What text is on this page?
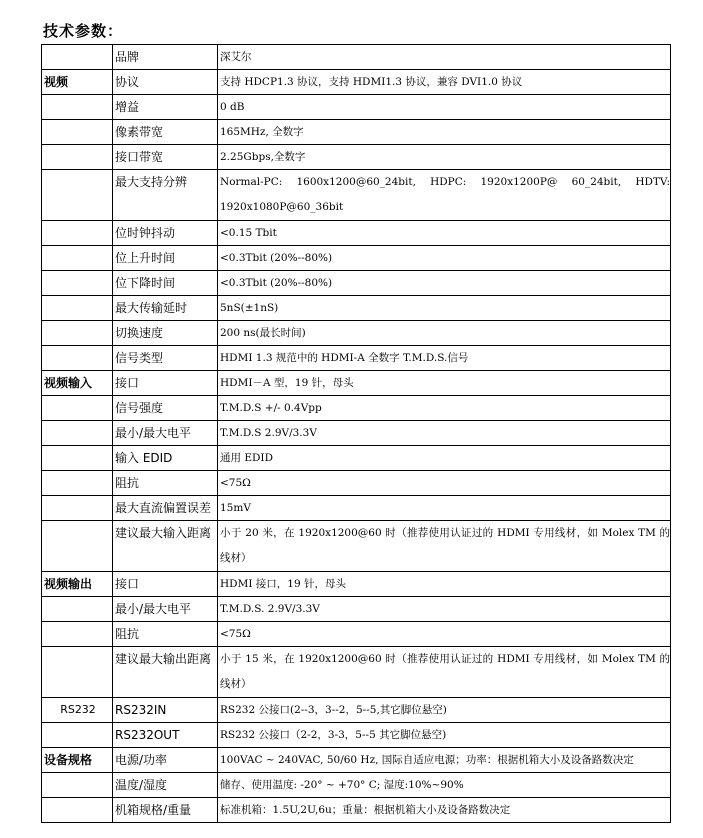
技术参数：
	品牌	深艾尔
视频	协议	支持 HDCP1.3 协议，支持 HDMI1.3 协议，兼容 DVI1.0 协议
	增益	0 dB
	像素带宽	165MHz, 全数字
	接口带宽	2.25Gbps,全数字
	最大支持分辨	Normal-PC: 1600x1200@60_24bit, HDPC: 1920x1200P@ 60_24bit, HDTV: 1920x1080P@60_36bit
	位时钟抖动	<0.15 Tbit
	位上升时间	<0.3Tbit (20%--80%)
	位下降时间	<0.3Tbit (20%--80%)
	最大传输延时	5nS(±1nS)
	切换速度	200 ns(最长时间)
	信号类型	HDMI 1.3 规范中的 HDMI-A 全数字 T.M.D.S.信号
视频输入	接口	HDMI－A 型，19 针，母头
	信号强度	T.M.D.S +/- 0.4Vpp
	最小/最大电平	T.M.D.S 2.9V/3.3V
	输入 EDID	通用 EDID
	阻抗	<75Ω
	最大直流偏置误差	15mV
	建议最大输入距离	小于 20 米，在 1920x1200@60 时（推荐使用认证过的 HDMI 专用线材，如 Molex TM 的线材）
视频输出	接口	HDMI 接口，19 针，母头
	最小/最大电平	T.M.D.S. 2.9V/3.3V
	阻抗	<75Ω
	建议最大输出距离	小于 15 米，在 1920x1200@60 时（推荐使用认证过的 HDMI 专用线材，如 Molex TM 的线材）
RS232	RS232IN	RS232 公接口(2--3，3--2，5--5,其它脚位悬空)
	RS232OUT	RS232 公接口（2-2，3-3，5--5 其它脚位悬空)
设备规格	电源/功率	100VAC ~ 240VAC, 50/60 Hz, 国际自适应电源；功率：根据机箱大小及设备路数决定
	温度/湿度	储存、使用温度: -20° ~ +70° C; 湿度:10%~90%
	机箱规格/重量	标准机箱：1.5U,2U,6u；重量：根据机箱大小及设备路数决定
